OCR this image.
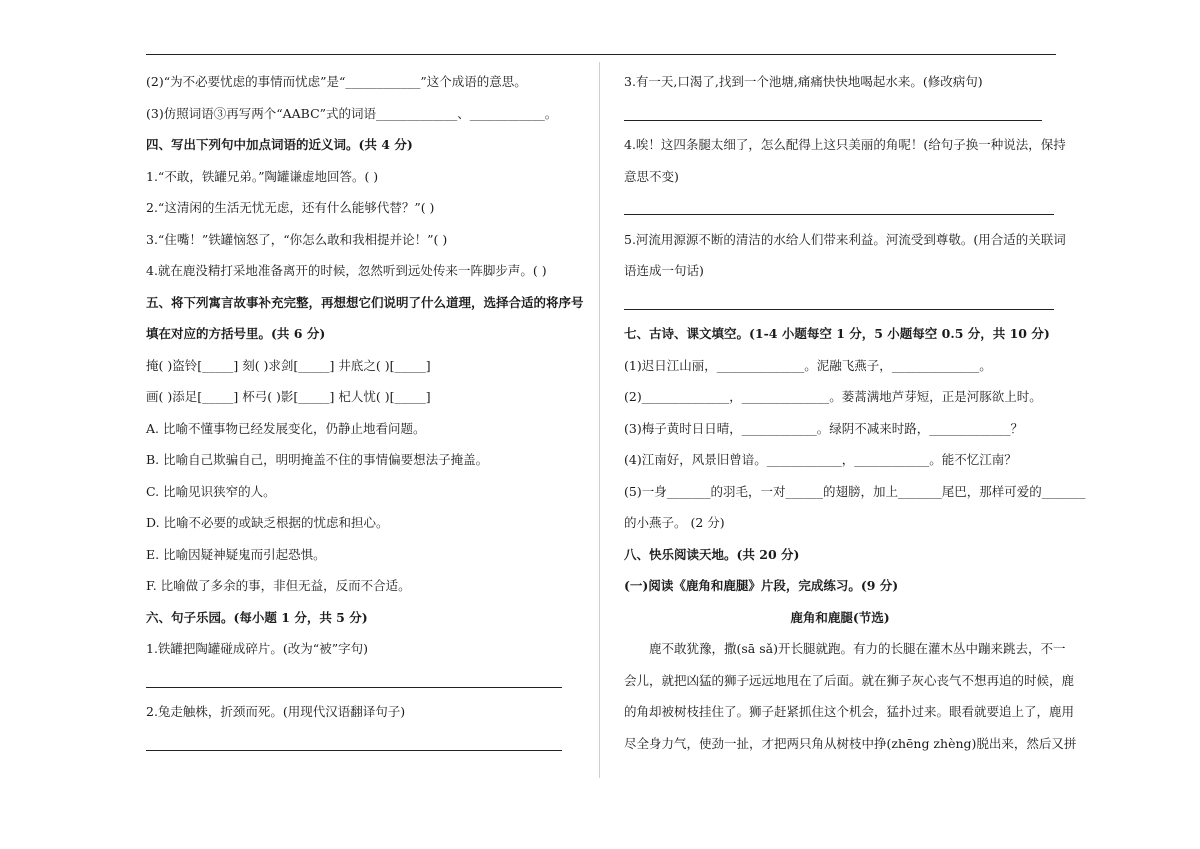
(2)“为不必要忧虑的事情而忧虑”是“____________”这个成语的意思。
(3)仿照词语③再写两个“AABC”式的词语_____________、____________。
四、写出下列句中加点词语的近义词。(共 4 分)
1.“不敢，铁罐兄弟。”陶罐谦虚地回答。( )
2.“这清闲的生活无忧无虑，还有什么能够代替？”( )
3.“住嘴！”铁罐恼怒了，“你怎么敢和我相提并论！”( )
4.就在鹿没精打采地准备离开的时候，忽然听到远处传来一阵脚步声。( )
五、将下列寓言故事补充完整，再想想它们说明了什么道理，选择合适的将序号
填在对应的方括号里。(共 6 分)
掩( )盗铃[_____] 刻( )求剑[_____] 井底之( )[_____]
画( )添足[_____] 杯弓( )影[_____] 杞人忧( )[_____]
A. 比喻不懂事物已经发展变化，仍静止地看问题。
B. 比喻自己欺骗自己，明明掩盖不住的事情偏要想法子掩盖。
C. 比喻见识狭窄的人。
D. 比喻不必要的或缺乏根据的忧虑和担心。
E. 比喻因疑神疑鬼而引起恐惧。
F. 比喻做了多余的事，非但无益，反而不合适。
六、句子乐园。(每小题 1 分，共 5 分)
1.铁罐把陶罐碰成碎片。(改为“被”字句)
2.兔走触株，折颈而死。(用现代汉语翻译句子)
3.有一天,口渴了,找到一个池塘,痛痛快快地喝起水来。(修改病句)
4.唉！这四条腿太细了，怎么配得上这只美丽的角呢！(给句子换一种说法，保持
意思不变)
5.河流用源源不断的清洁的水给人们带来利益。河流受到尊敬。(用合适的关联词
语连成一句话)
七、古诗、课文填空。(1-4 小题每空 1 分，5 小题每空 0.5 分，共 10 分)
(1)迟日江山丽，______________。泥融飞燕子，______________。
(2)______________，______________。蒌蒿满地芦芽短，正是河豚欲上时。
(3)梅子黄时日日晴，____________。绿阴不减来时路，_____________？
(4)江南好，风景旧曾谙。____________，____________。能不忆江南？
(5)一身_______的羽毛，一对______的翅膀，加上_______尾巴，那样可爱的_______
的小燕子。 (2 分)
八、快乐阅读天地。(共 20 分)
(一)阅读《鹿角和鹿腿》片段，完成练习。(9 分)
鹿角和鹿腿(节选)
鹿不敢犹豫，撒(sā sǎ)开长腿就跑。有力的长腿在灌木丛中蹦来跳去，不一
会儿，就把凶猛的狮子远远地甩在了后面。就在狮子灰心丧气不想再追的时候，鹿
的角却被树枝挂住了。狮子赶紧抓住这个机会，猛扑过来。眼看就要追上了，鹿用
尽全身力气，使劲一扯，才把两只角从树枝中挣(zhēng zhèng)脱出来，然后又拼
